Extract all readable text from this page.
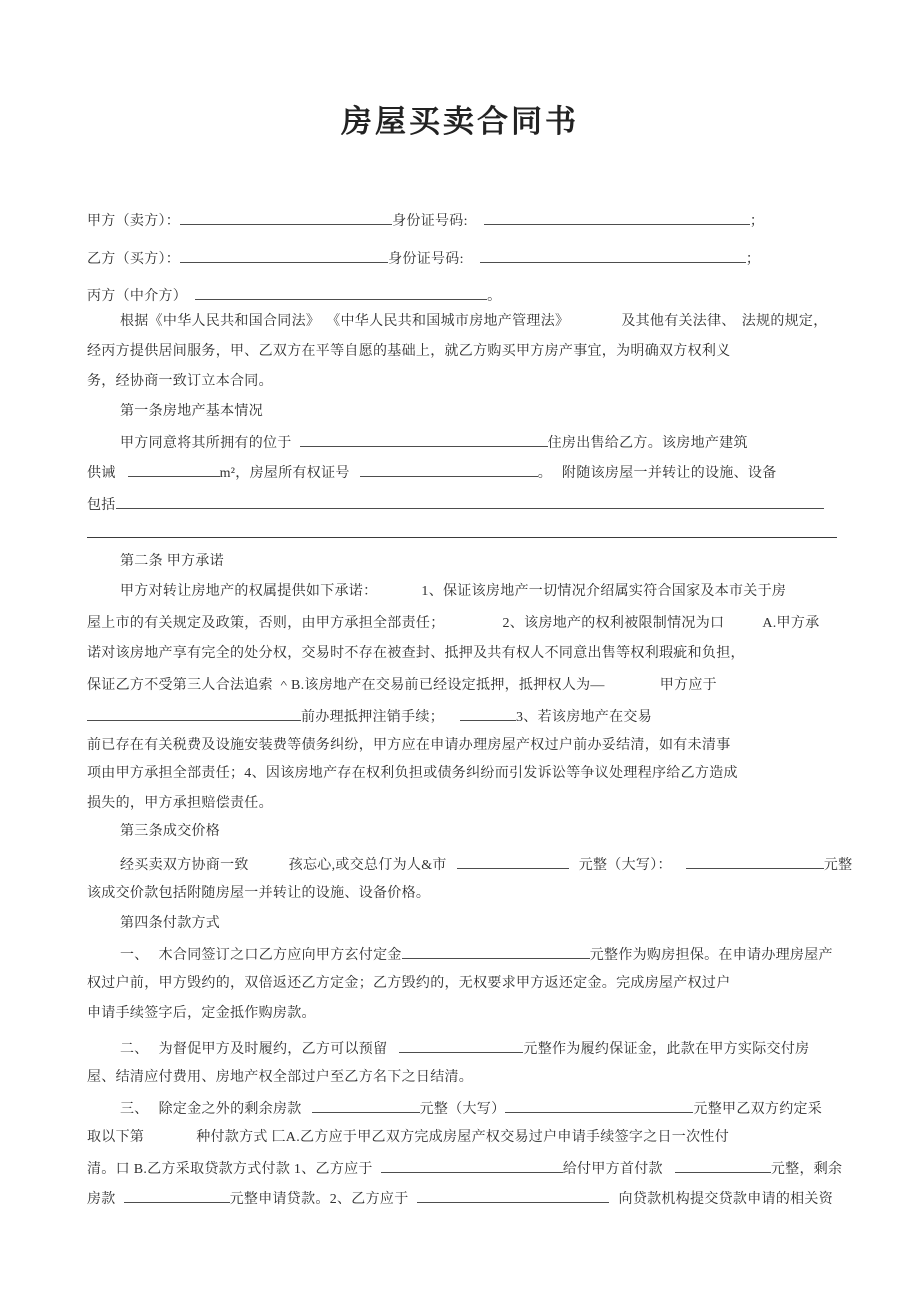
房屋买卖合同书
甲方（卖方）：	身份证号码:	；
乙方（买方）：	身份证号码:	；
丙方（中介方）	。
根据《中华人民共和国合同法》 《中华人民共和国城市房地产管理法》	及其他有关法律、 法规的规定，
经丙方提供居间服务，甲、乙双方在平等自愿的基础上，就乙方购买甲方房产事宜，为明确双方权利义
务，经协商一致订立本合同。
第一条房地产基本情况
甲方同意将其所拥有的位于	住房出售给乙方。该房地产建筑
供诫	m²，房屋所有权证号	。 附随该房屋一并转让的设施、设备
包括
第二条 甲方承诺
甲方对转让房地产的权属提供如下承诺：	1、保证该房地产一切情况介绍属实符合国家及本市关于房
屋上市的有关规定及政策，否则，由甲方承担全部责任；	2、该房地产的权利被限制情况为口	A.甲方承
诺对该房地产享有完全的处分权，交易时不存在被查封、抵押及共有权人不同意出售等权利瑕疵和负担，
保证乙方不受第三人合法追索 ＾B.该房地产在交易前已经设定抵押，抵押权人为—	甲方应于
前办理抵押注销手续；	3、若该房地产在交易
前已存在有关税费及设施安装费等债务纠纷，甲方应在申请办理房屋产权过户前办妥结清，如有未清事
项由甲方承担全部责任；4、因该房地产存在权利负担或债务纠纷而引发诉讼等争议处理程序给乙方造成
损失的，甲方承担赔偿责任。
第三条成交价格
经买卖双方协商一致	孩忘心,或交总仃为人&市	元整（大写）：	元整
该成交价款包括附随房屋一并转让的设施、设备价格。
第四条付款方式
一、 木合同签订之口乙方应向甲方玄付定金	元整作为购房担保。在申请办理房屋产
权过户前，甲方毁约的，双倍返还乙方定金；乙方毁约的，无权要求甲方返还定金。完成房屋产权过户
申请手续签字后，定金抵作购房款。
二、 为督促甲方及时履约，乙方可以预留	元整作为履约保证金，此款在甲方实际交付房
屋、结清应付费用、房地产权全部过户至乙方名下之日结清。
三、 除定金之外的剩余房款	元整（大写）	元整甲乙双方约定采
取以下第	种付款方式 匚A.乙方应于甲乙双方完成房屋产权交易过户申请手续签字之日一次性付
清。口 B.乙方采取贷款方式付款 1、乙方应于	给付甲方首付款	元整，剩余
房款	元整申请贷款。2、乙方应于	向贷款机构提交贷款申请的相关资
